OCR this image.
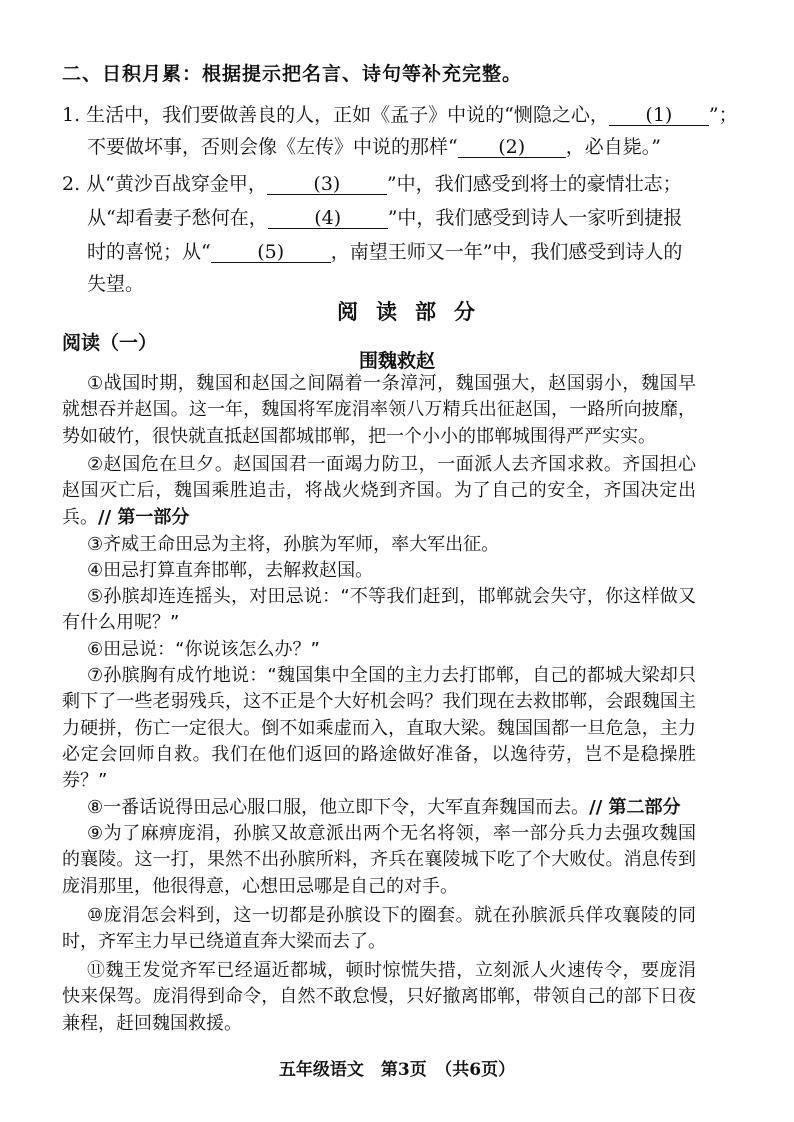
二、日积月累：根据提示把名言、诗句等补充完整。
1. 生活中，我们要做善良的人，正如《孟子》中说的“恻隐之心， (1) ”；
不要做坏事，否则会像《左传》中说的那样“ (2) ，必自毙。”
2. 从“黄沙百战穿金甲， (3) ”中，我们感受到将士的豪情壮志；
从“却看妻子愁何在， (4) ”中，我们感受到诗人一家听到捷报
时的喜悦；从“ (5) ，南望王师又一年”中，我们感受到诗人的
失望。
阅读部分
阅读（一）
围魏救赵
①战国时期，魏国和赵国之间隔着一条漳河，魏国强大，赵国弱小，魏国早就想吞并赵国。这一年，魏国将军庞涓率领八万精兵出征赵国，一路所向披靡，势如破竹，很快就直抵赵国都城邯郸，把一个小小的邯郸城围得严严实实。
②赵国危在旦夕。赵国国君一面竭力防卫，一面派人去齐国求救。齐国担心赵国灭亡后，魏国乘胜追击，将战火烧到齐国。为了自己的安全，齐国决定出兵。// 第一部分
③齐威王命田忌为主将，孙膑为军师，率大军出征。
④田忌打算直奔邯郸，去解救赵国。
⑤孙膑却连连摇头，对田忌说：“不等我们赶到，邯郸就会失守，你这样做又有什么用呢？”
⑥田忌说：“你说该怎么办？”
⑦孙膑胸有成竹地说：“魏国集中全国的主力去打邯郸，自己的都城大梁却只剩下了一些老弱残兵，这不正是个大好机会吗？我们现在去救邯郸，会跟魏国主力硬拼，伤亡一定很大。倒不如乘虚而入，直取大梁。魏国国都一旦危急，主力必定会回师自救。我们在他们返回的路途做好准备，以逸待劳，岂不是稳操胜券？”
⑧一番话说得田忌心服口服，他立即下令，大军直奔魏国而去。// 第二部分
⑨为了麻痹庞涓，孙膑又故意派出两个无名将领，率一部分兵力去强攻魏国的襄陵。这一打，果然不出孙膑所料，齐兵在襄陵城下吃了个大败仗。消息传到庞涓那里，他很得意，心想田忌哪是自己的对手。
⑩庞涓怎会料到，这一切都是孙膑设下的圈套。就在孙膑派兵佯攻襄陵的同时，齐军主力早已绕道直奔大梁而去了。
⑪魏王发觉齐军已经逼近都城，顿时惊慌失措，立刻派人火速传令，要庞涓快来保驾。庞涓得到命令，自然不敢怠慢，只好撤离邯郸，带领自己的部下日夜兼程，赶回魏国救援。
五年级语文　第3页　（共6页）
